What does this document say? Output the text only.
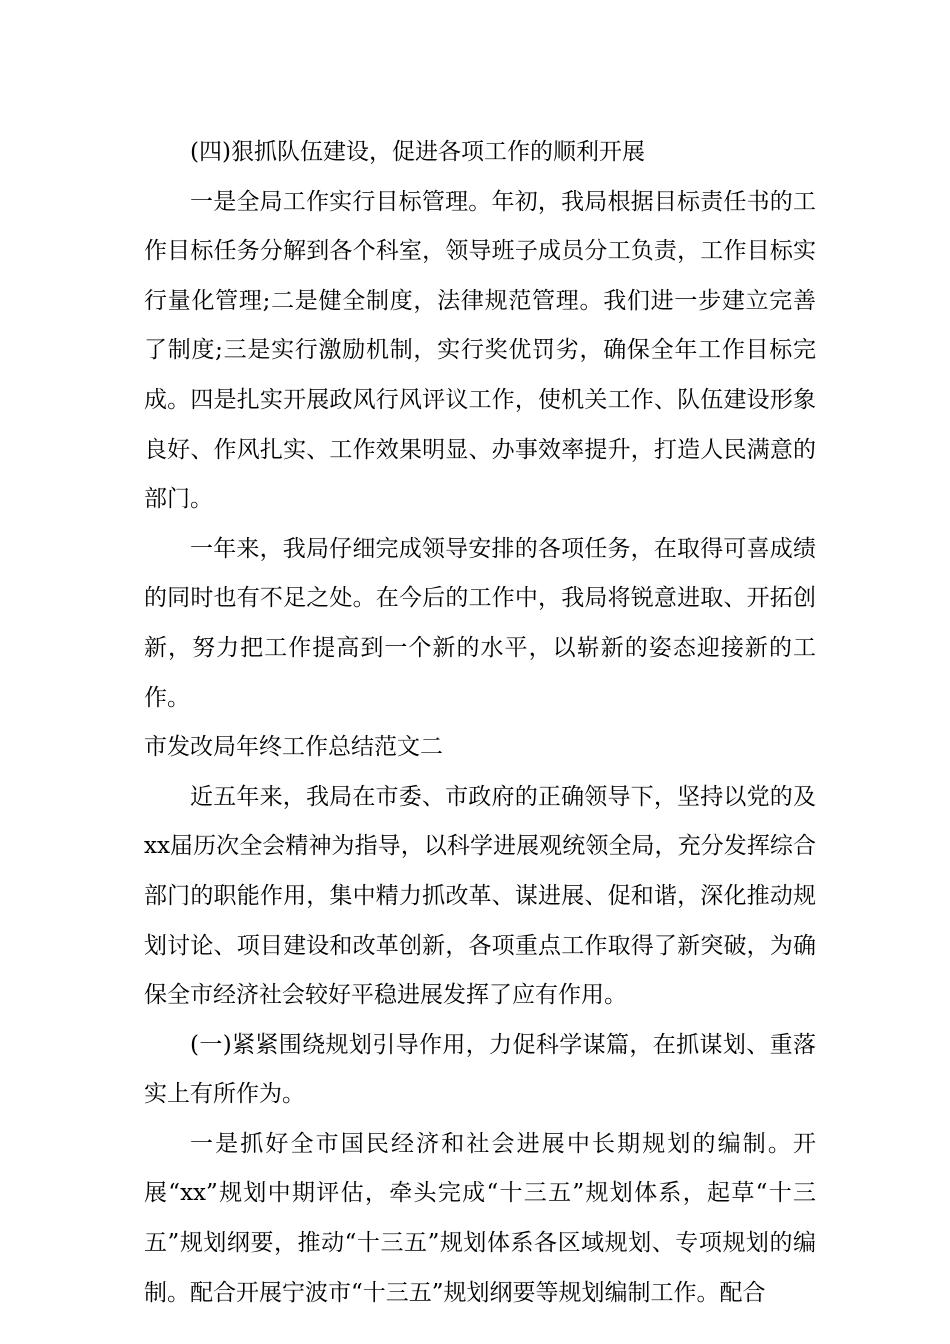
(四)狠抓队伍建设，促进各项工作的顺利开展

一是全局工作实行目标管理。年初，我局根据目标责任书的工作目标任务分解到各个科室，领导班子成员分工负责，工作目标实行量化管理;二是健全制度，法律规范管理。我们进一步建立完善了制度;三是实行激励机制，实行奖优罚劣，确保全年工作目标完成。四是扎实开展政风行风评议工作，使机关工作、队伍建设形象良好、作风扎实、工作效果明显、办事效率提升，打造人民满意的部门。

一年来，我局仔细完成领导安排的各项任务，在取得可喜成绩的同时也有不足之处。在今后的工作中，我局将锐意进取、开拓创新，努力把工作提高到一个新的水平，以崭新的姿态迎接新的工作。

市发改局年终工作总结范文二

近五年来，我局在市委、市政府的正确领导下，坚持以党的及xx届历次全会精神为指导，以科学进展观统领全局，充分发挥综合部门的职能作用，集中精力抓改革、谋进展、促和谐，深化推动规划讨论、项目建设和改革创新，各项重点工作取得了新突破，为确保全市经济社会较好平稳进展发挥了应有作用。

(一)紧紧围绕规划引导作用，力促科学谋篇，在抓谋划、重落实上有所作为。

一是抓好全市国民经济和社会进展中长期规划的编制。开展“xx”规划中期评估，牵头完成“十三五”规划体系，起草“十三五”规划纲要，推动“十三五”规划体系各区域规划、专项规划的编制。配合开展宁波市“十三五”规划纲要等规划编制工作。配合
